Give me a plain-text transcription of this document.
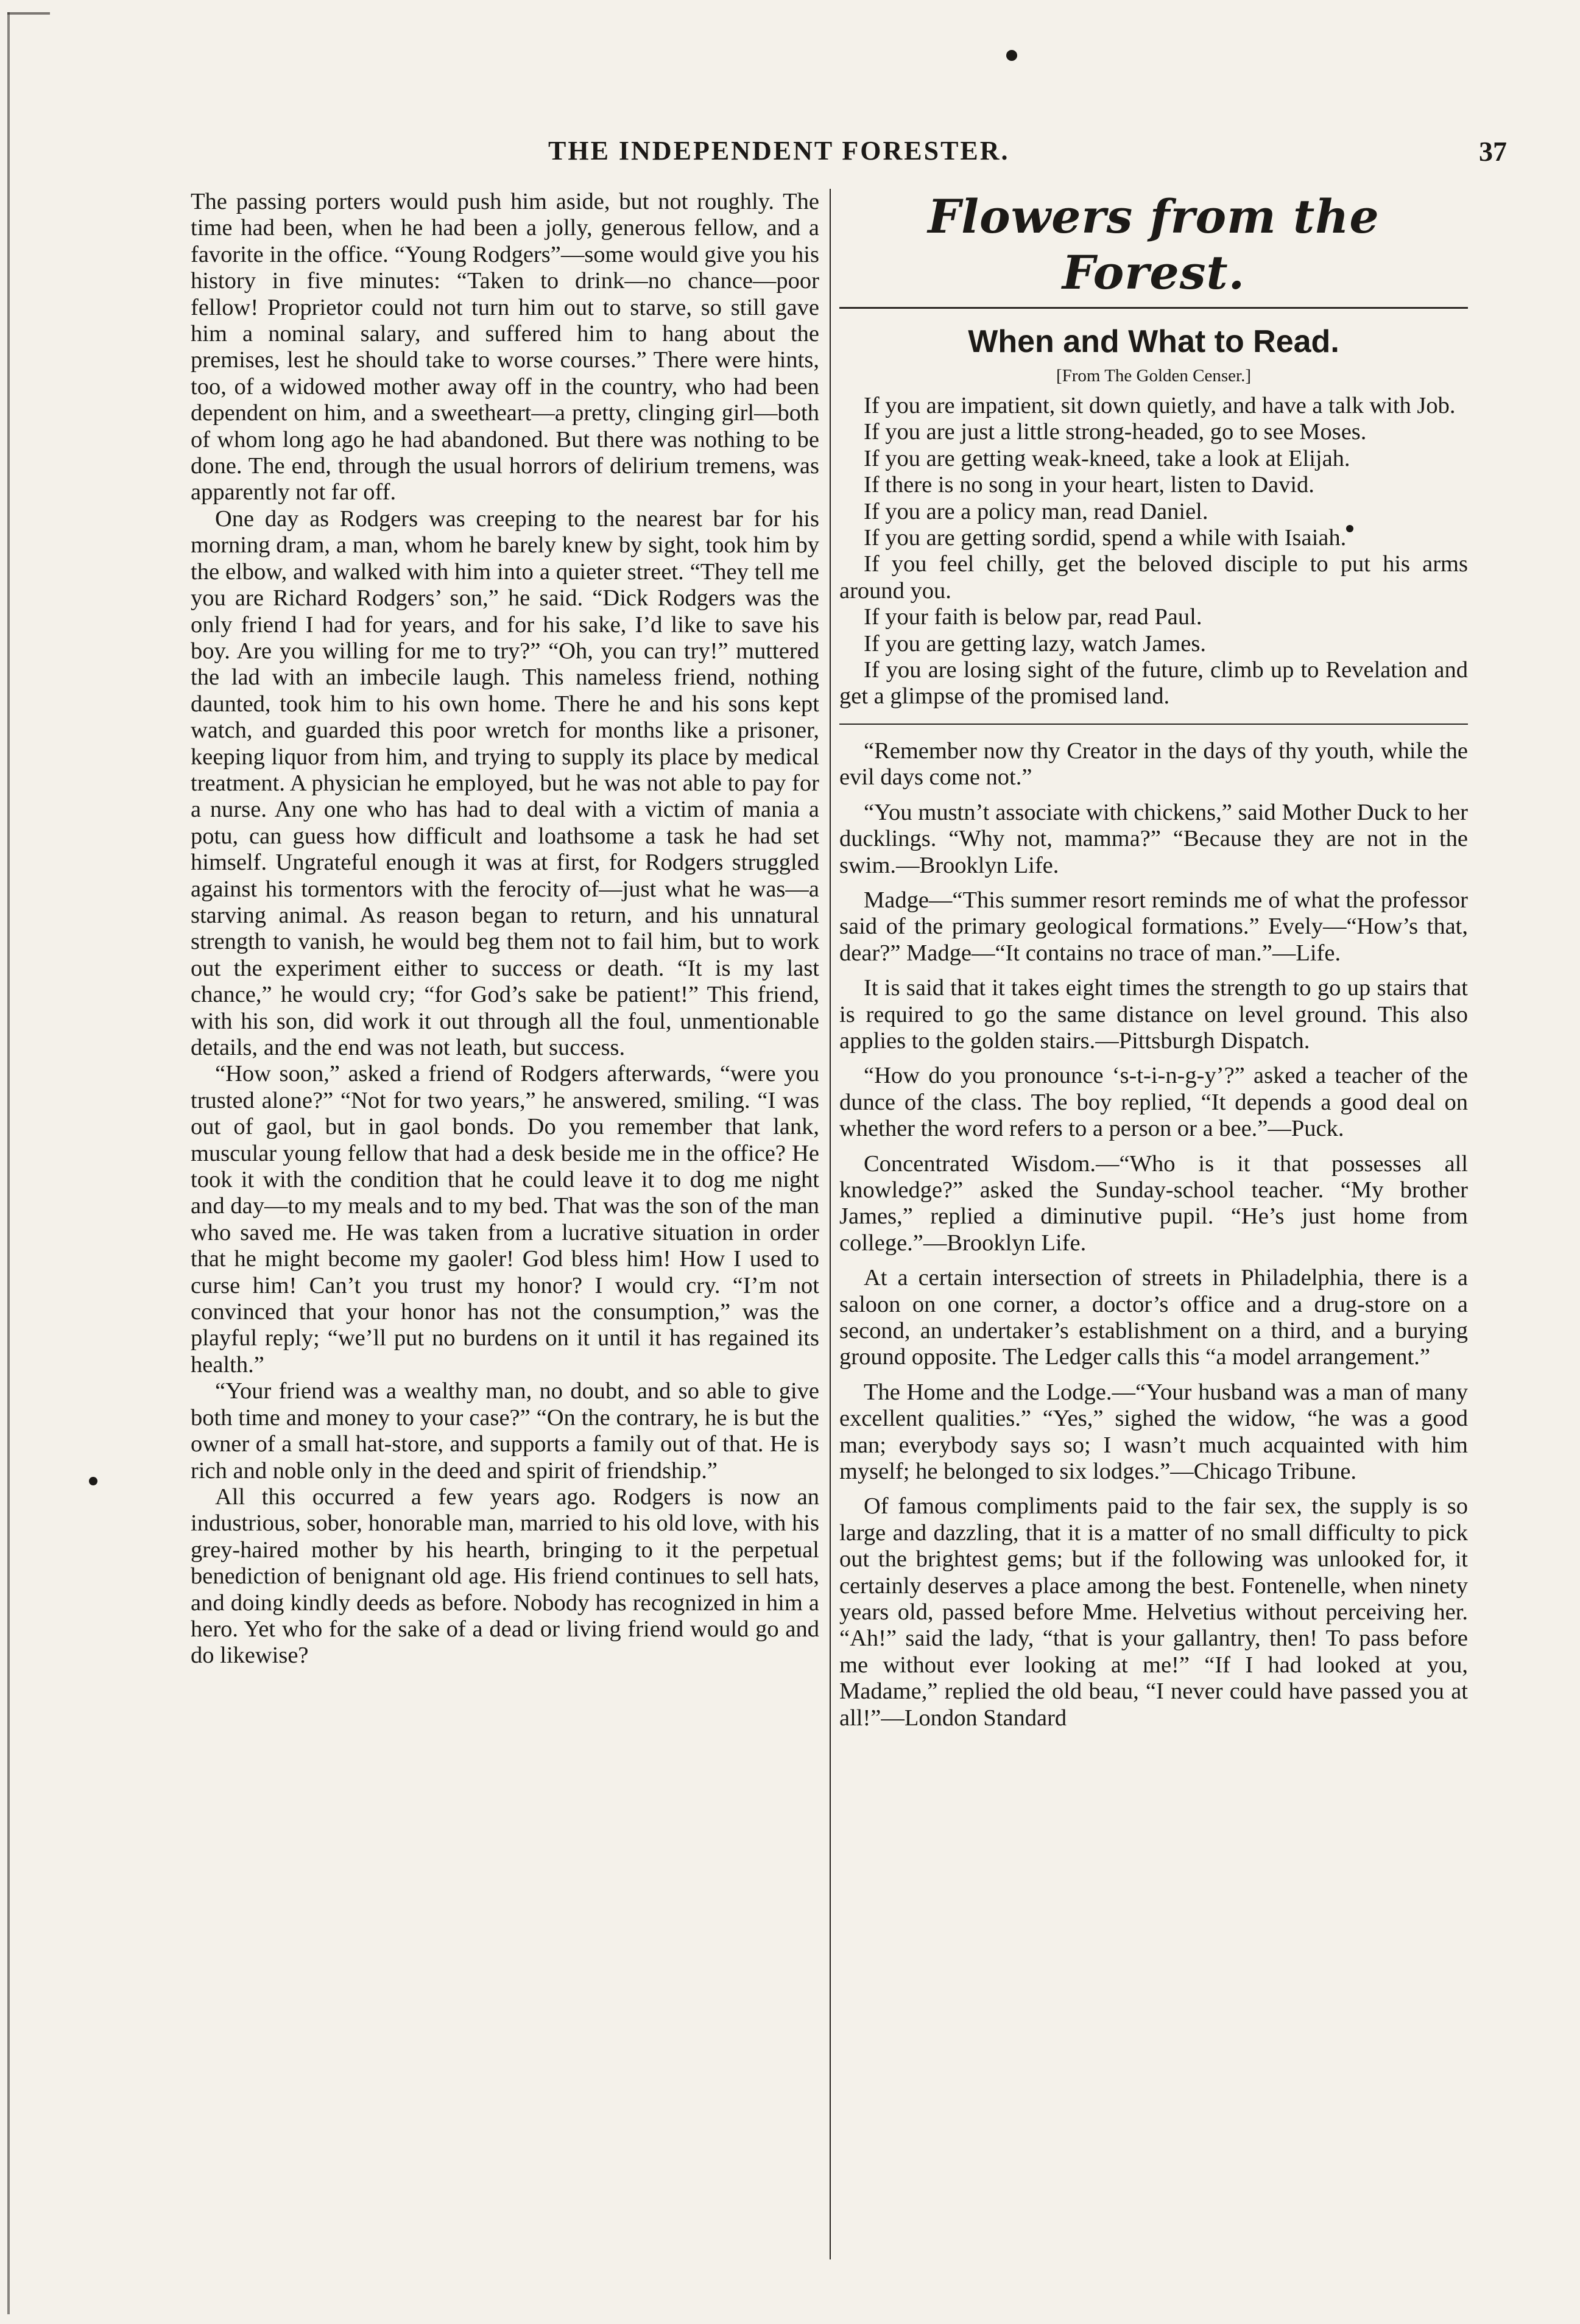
THE INDEPENDENT FORESTER.	37

The passing porters would push him aside, but not roughly. The time had been, when he had been a jolly, generous fellow, and a favorite in the office. “Young Rodgers”—some would give you his history in five minutes: “Taken to drink—no chance—poor fellow! Proprietor could not turn him out to starve, so still gave him a nominal salary, and suffered him to hang about the premises, lest he should take to worse courses.” There were hints, too, of a widowed mother away off in the country, who had been dependent on him, and a sweetheart—a pretty, clinging girl—both of whom long ago he had abandoned. But there was nothing to be done. The end, through the usual horrors of delirium tremens, was apparently not far off.

One day as Rodgers was creeping to the nearest bar for his morning dram, a man, whom he barely knew by sight, took him by the elbow, and walked with him into a quieter street. “They tell me you are Richard Rodgers’ son,” he said. “Dick Rodgers was the only friend I had for years, and for his sake, I’d like to save his boy. Are you willing for me to try?” “Oh, you can try!” muttered the lad with an imbecile laugh. This nameless friend, nothing daunted, took him to his own home. There he and his sons kept watch, and guarded this poor wretch for months like a prisoner, keeping liquor from him, and trying to supply its place by medical treatment. A physician he employed, but he was not able to pay for a nurse. Any one who has had to deal with a victim of mania a potu, can guess how difficult and loathsome a task he had set himself. Ungrateful enough it was at first, for Rodgers struggled against his tormentors with the ferocity of—just what he was—a starving animal. As reason began to return, and his unnatural strength to vanish, he would beg them not to fail him, but to work out the experiment either to success or death. “It is my last chance,” he would cry; “for God’s sake be patient!” This friend, with his son, did work it out through all the foul, unmentionable details, and the end was not leath, but success.

“How soon,” asked a friend of Rodgers afterwards, “were you trusted alone?” “Not for two years,” he answered, smiling. “I was out of gaol, but in gaol bonds. Do you remember that lank, muscular young fellow that had a desk beside me in the office? He took it with the condition that he could leave it to dog me night and day—to my meals and to my bed. That was the son of the man who saved me. He was taken from a lucrative situation in order that he might become my gaoler! God bless him! How I used to curse him! Can’t you trust my honor? I would cry. “I’m not convinced that your honor has not the consumption,” was the playful reply; “we’ll put no burdens on it until it has regained its health.”

“Your friend was a wealthy man, no doubt, and so able to give both time and money to your case?” “On the contrary, he is but the owner of a small hat-store, and supports a family out of that. He is rich and noble only in the deed and spirit of friendship.”

All this occurred a few years ago. Rodgers is now an industrious, sober, honorable man, married to his old love, with his grey-haired mother by his hearth, bringing to it the perpetual benediction of benignant old age. His friend continues to sell hats, and doing kindly deeds as before. Nobody has recognized in him a hero. Yet who for the sake of a dead or living friend would go and do likewise?

Flowers from the Forest.
When and What to Read.
[From The Golden Censer.]

If you are impatient, sit down quietly, and have a talk with Job.

If you are just a little strong-headed, go to see Moses.

If you are getting weak-kneed, take a look at Elijah.

If there is no song in your heart, listen to David.

If you are a policy man, read Daniel.

If you are getting sordid, spend a while with Isaiah.

If you feel chilly, get the beloved disciple to put his arms around you.

If your faith is below par, read Paul.

If you are getting lazy, watch James.

If you are losing sight of the future, climb up to Revelation and get a glimpse of the promised land.

“Remember now thy Creator in the days of thy youth, while the evil days come not.”

“You mustn’t associate with chickens,” said Mother Duck to her ducklings. “Why not, mamma?” “Because they are not in the swim.—Brooklyn Life.

Madge—“This summer resort reminds me of what the professor said of the primary geological formations.” Evely—“How’s that, dear?” Madge—“It contains no trace of man.”—Life.

It is said that it takes eight times the strength to go up stairs that is required to go the same distance on level ground. This also applies to the golden stairs.—Pittsburgh Dispatch.

“How do you pronounce ‘s-t-i-n-g-y’?” asked a teacher of the dunce of the class. The boy replied, “It depends a good deal on whether the word refers to a person or a bee.”—Puck.

Concentrated Wisdom.—“Who is it that possesses all knowledge?” asked the Sunday-school teacher. “My brother James,” replied a diminutive pupil. “He’s just home from college.”—Brooklyn Life.

At a certain intersection of streets in Philadelphia, there is a saloon on one corner, a doctor’s office and a drug-store on a second, an undertaker’s establishment on a third, and a burying ground opposite. The Ledger calls this “a model arrangement.”

The Home and the Lodge.—“Your husband was a man of many excellent qualities.” “Yes,” sighed the widow, “he was a good man; everybody says so; I wasn’t much acquainted with him myself; he belonged to six lodges.”—Chicago Tribune.

Of famous compliments paid to the fair sex, the supply is so large and dazzling, that it is a matter of no small difficulty to pick out the brightest gems; but if the following was unlooked for, it certainly deserves a place among the best. Fontenelle, when ninety years old, passed before Mme. Helvetius without perceiving her. “Ah!” said the lady, “that is your gallantry, then! To pass before me without ever looking at me!” “If I had looked at you, Madame,” replied the old beau, “I never could have passed you at all!”—London Standard
